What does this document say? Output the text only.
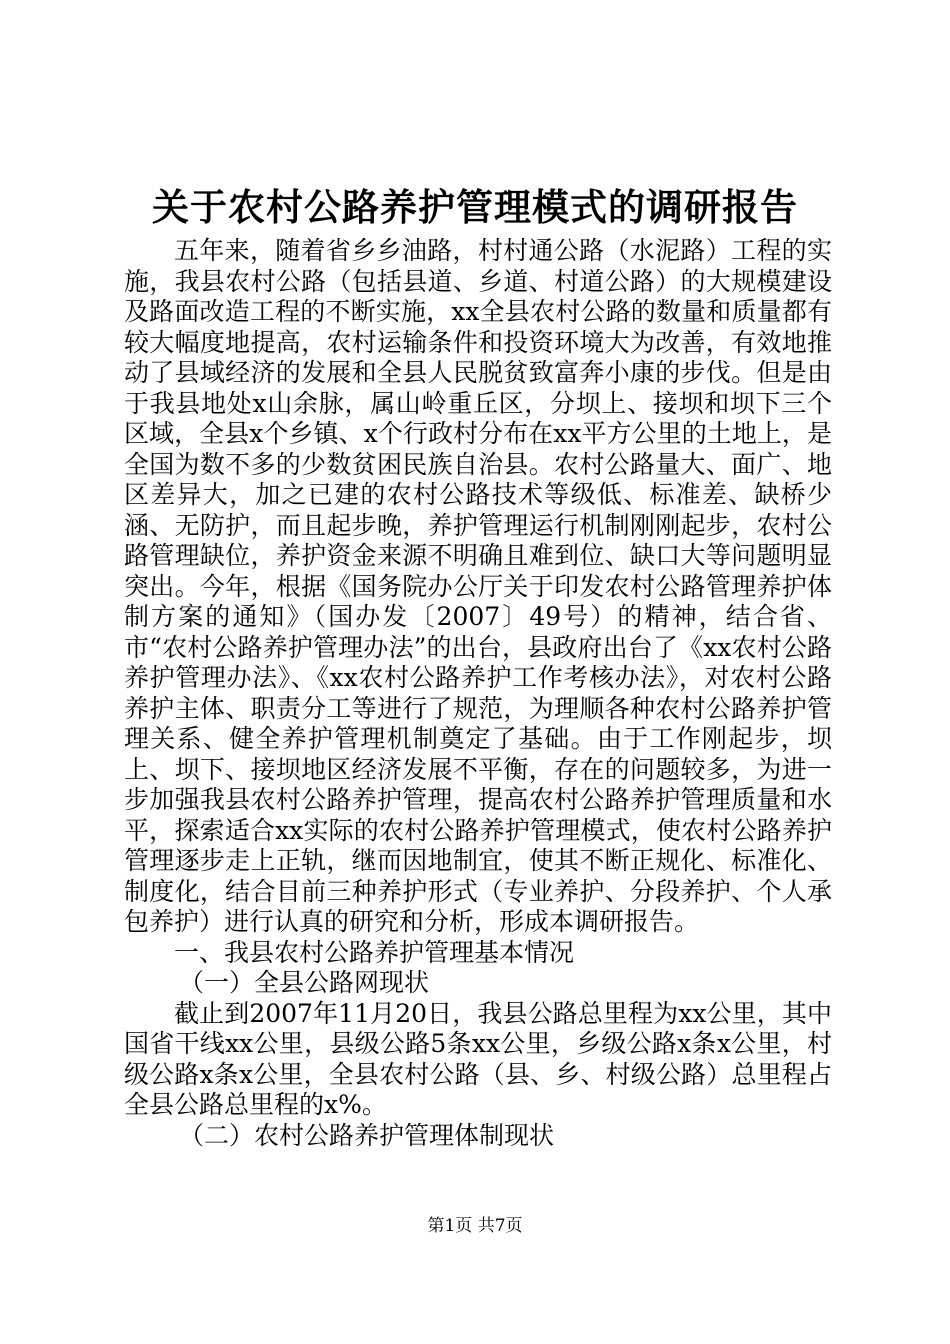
关于农村公路养护管理模式的调研报告

五年来，随着省乡乡油路，村村通公路（水泥路）工程的实施，我县农村公路（包括县道、乡道、村道公路）的大规模建设及路面改造工程的不断实施，xx全县农村公路的数量和质量都有较大幅度地提高，农村运输条件和投资环境大为改善，有效地推动了县域经济的发展和全县人民脱贫致富奔小康的步伐。但是由于我县地处x山余脉，属山岭重丘区，分坝上、接坝和坝下三个区域，全县x个乡镇、x个行政村分布在xx平方公里的土地上，是全国为数不多的少数贫困民族自治县。农村公路量大、面广、地区差异大，加之已建的农村公路技术等级低、标准差、缺桥少涵、无防护，而且起步晚，养护管理运行机制刚刚起步，农村公路管理缺位，养护资金来源不明确且难到位、缺口大等问题明显突出。今年，根据《国务院办公厅关于印发农村公路管理养护体制方案的通知》（国办发〔2007〕49号）的精神，结合省、市“农村公路养护管理办法”的出台，县政府出台了《xx农村公路养护管理办法》、《xx农村公路养护工作考核办法》，对农村公路养护主体、职责分工等进行了规范，为理顺各种农村公路养护管理关系、健全养护管理机制奠定了基础。由于工作刚起步，坝上、坝下、接坝地区经济发展不平衡，存在的问题较多，为进一步加强我县农村公路养护管理，提高农村公路养护管理质量和水平，探索适合xx实际的农村公路养护管理模式，使农村公路养护管理逐步走上正轨，继而因地制宜，使其不断正规化、标准化、制度化，结合目前三种养护形式（专业养护、分段养护、个人承包养护）进行认真的研究和分析，形成本调研报告。

一、我县农村公路养护管理基本情况

（一）全县公路网现状

截止到2007年11月20日，我县公路总里程为xx公里，其中国省干线xx公里，县级公路5条xx公里，乡级公路x条x公里，村级公路x条x公里，全县农村公路（县、乡、村级公路）总里程占全县公路总里程的x%。

（二）农村公路养护管理体制现状

第1页 共7页
